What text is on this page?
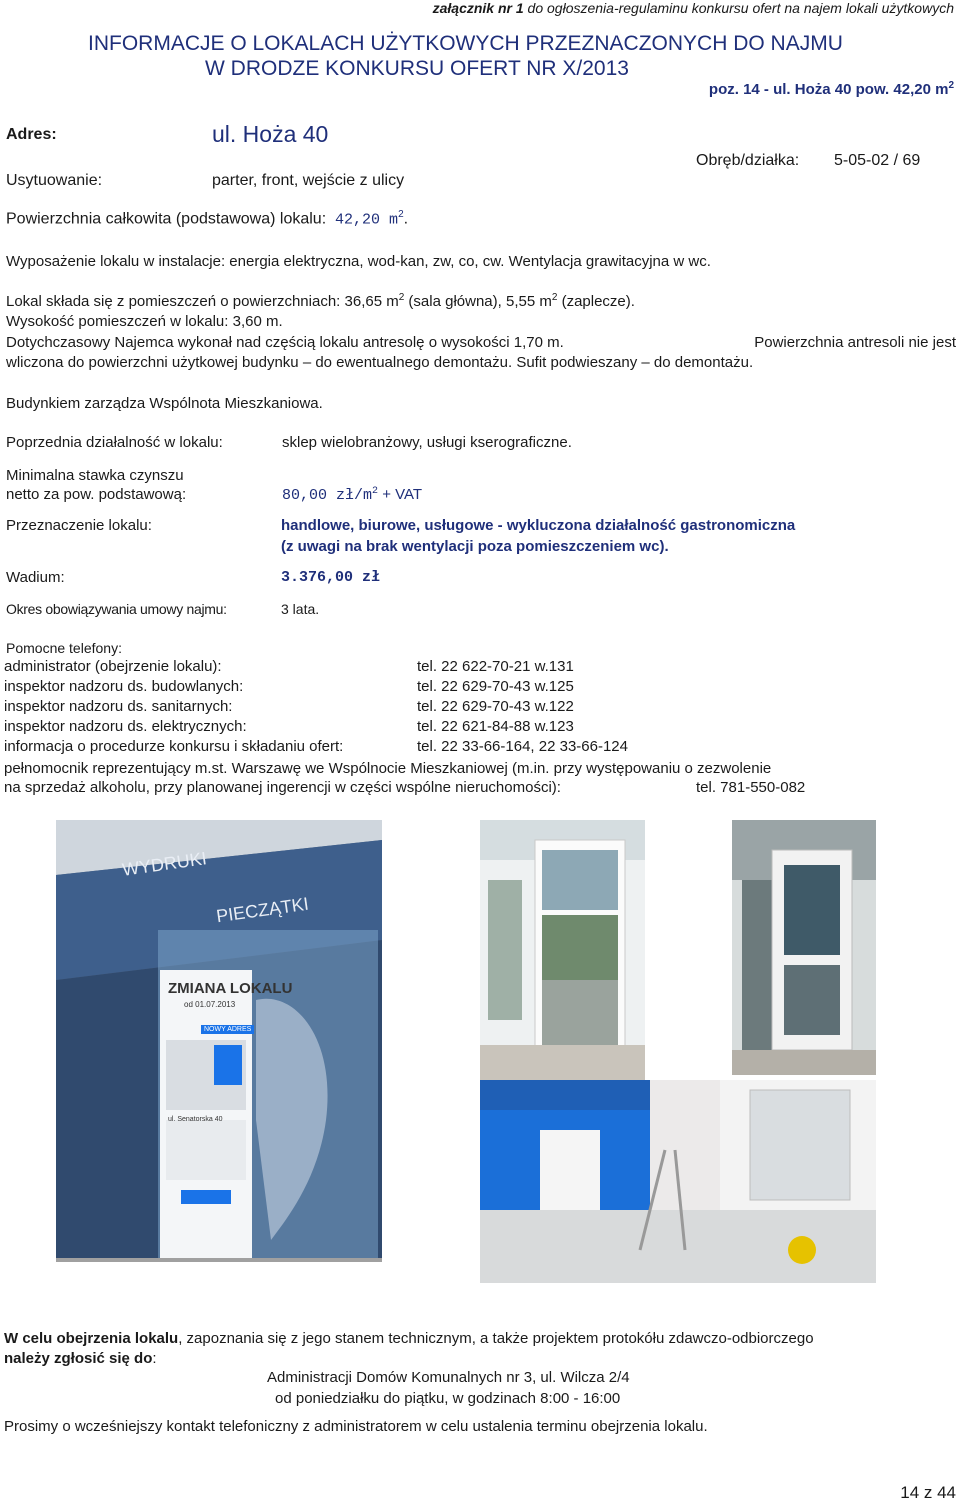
załącznik nr 1 do ogłoszenia-regulaminu konkursu ofert na najem lokali użytkowych
INFORMACJE O LOKALACH UŻYTKOWYCH PRZEZNACZONYCH DO NAJMU
W DRODZE KONKURSU OFERT NR X/2013
poz. 14 - ul. Hoża 40 pow. 42,20 $m^2$
Adres:	ul. Hoża 40
Usytuowanie:	parter, front, wejście z ulicy
Obręb/działka: 5-05-02 / 69
Powierzchnia całkowita (podstawowa) lokalu: 42,20 $m^2$.
Wyposażenie lokalu w instalacje: energia elektryczna, wod-kan, zw, co, cw. Wentylacja grawitacyjna w wc.
Lokal składa się z pomieszczeń o powierzchniach: 36,65 $m^2$ (sala główna), 5,55 $m^2$ (zaplecze).
Wysokość pomieszczeń w lokalu: 3,60 m.
Dotychczasowy Najemca wykonał nad częścią lokalu antresolę o wysokości 1,70 m.	Powierzchnia antresoli nie jest
wliczona do powierzchni użytkowej budynku – do ewentualnego demontażu. Sufit podwieszany – do demontażu.
Budynkiem zarządza Wspólnota Mieszkaniowa.
Poprzednia działalność w lokalu:	sklep wielobranżowy, usługi kserograficzne.
Minimalna stawka czynszu
netto za pow. podstawową:	80,00 $zł/m^2$ + VAT
Przeznaczenie lokalu:	handlowe, biurowe, usługowe - wykluczona działalność gastronomiczna
(z uwagi na brak wentylacji poza pomieszczeniem wc).
Wadium:	3.376,00 zł
Okres obowiązywania umowy najmu:	3 lata.
Pomocne telefony:
administrator (obejrzenie lokalu):	tel. 22 622-70-21 w.131
inspektor nadzoru ds. budowlanych:	tel. 22 629-70-43 w.125
inspektor nadzoru ds. sanitarnych:	tel. 22 629-70-43 w.122
inspektor nadzoru ds. elektrycznych:	tel. 22 621-84-88 w.123
informacja o procedurze konkursu i składaniu ofert:	tel. 22 33-66-164, 22 33-66-124
pełnomocnik reprezentujący m.st. Warszawę we Wspólnocie Mieszkaniowej (m.in. przy występowaniu o zezwolenie
na sprzedaż alkoholu, przy planowanej ingerencji w części wspólne nieruchomości):	tel. 781-550-082
WYDRUKI
PIECZĄTKI
ZMIANA LOKALU
od 01.07.2013
NOWY ADRES
ul. Senatorska 40
W celu obejrzenia lokalu, zapoznania się z jego stanem technicznym, a także projektem protokółu zdawczo-odbiorczego
należy zgłosić się do:
Administracji Domów Komunalnych nr 3, ul. Wilcza 2/4
od poniedziałku do piątku, w godzinach 8:00 - 16:00
Prosimy o wcześniejszy kontakt telefoniczny z administratorem w celu ustalenia terminu obejrzenia lokalu.
14 z 44
